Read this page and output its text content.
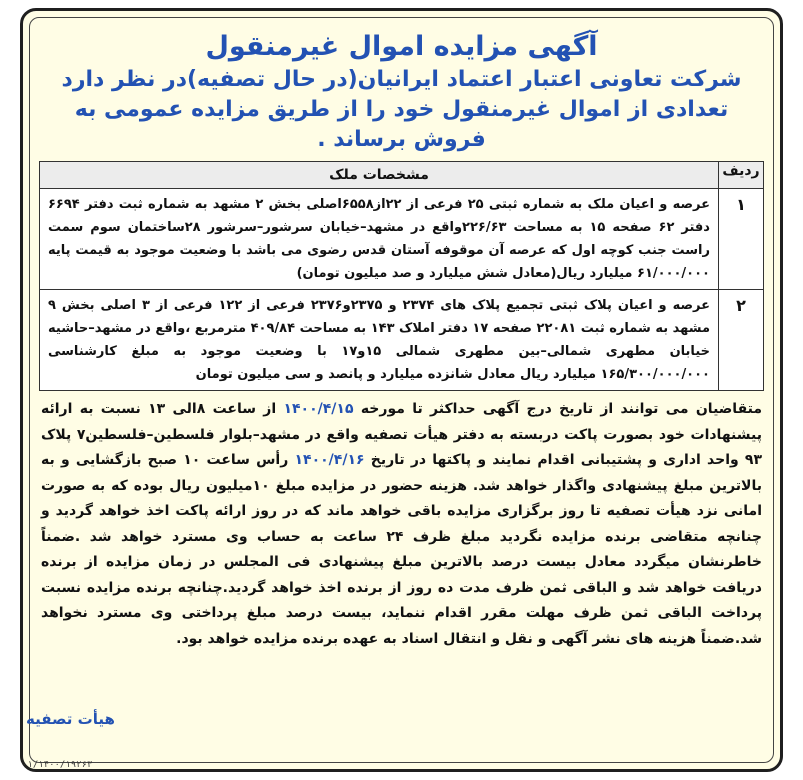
آگهی مزایده اموال غیرمنقول
شرکت تعاونی اعتبار اعتماد ایرانیان(در حال تصفیه)در نظر دارد تعدادی از اموال غیرمنقول خود را از طریق مزایده عمومی به فروش برساند .
ردیف	مشخصات ملک
۱	عرصه و اعیان ملک به شماره ثبتی ۲۵ فرعی از ۲۲از۶۵۵۸اصلی بخش ۲ مشهد به شماره ثبت دفتر ۶۶۹۴ دفتر ۶۲ صفحه ۱۵ به مساحت ۲۲۶/۶۳واقع در مشهد–خیابان سرشور–سرشور ۲۸ساختمان سوم سمت راست جنب کوچه اول که عرصه آن موقوفه آستان قدس رضوی می باشد با وضعیت موجود به قیمت پایه ۶۱/۰۰۰/۰۰۰ میلیارد ریال(معادل شش میلیارد و صد میلیون تومان)
۲	عرصه و اعیان پلاک ثبتی تجمیع پلاک های ۲۳۷۴ و ۲۳۷۵و۲۳۷۶ فرعی از ۱۲۲ فرعی از ۳ اصلی بخش ۹ مشهد به شماره ثبت ۲۲۰۸۱ صفحه ۱۷ دفتر املاک ۱۴۳ به مساحت ۴۰۹/۸۴ مترمربع ،واقع در مشهد–حاشیه خیابان مطهری شمالی–بین مطهری شمالی ۱۵و۱۷ با وضعیت موجود به مبلغ کارشناسی ۱۶۵/۳۰۰/۰۰۰/۰۰۰ میلیارد ریال معادل شانزده میلیارد و پانصد و سی میلیون تومان

متقاضیان می توانند از تاریخ درج آگهی حداکثر تا مورخه ۱۴۰۰/۴/۱۵ از ساعت ۸الی ۱۳ نسبت به ارائه پیشنهادات خود بصورت پاکت دربسته به دفتر هیأت تصفیه واقع در مشهد–بلوار فلسطین–فلسطین۷ پلاک ۹۳ واحد اداری و پشتیبانی اقدام نمایند و پاکتها در تاریخ ۱۴۰۰/۴/۱۶ رأس ساعت ۱۰ صبح بازگشایی و به بالاترین مبلغ پیشنهادی واگذار خواهد شد. هزینه حضور در مزایده مبلغ ۱۰میلیون ریال بوده که به صورت امانی نزد هیأت تصفیه تا روز برگزاری مزایده باقی خواهد ماند که در روز ارائه پاکت اخذ خواهد گردید و چنانچه متقاضی برنده مزایده نگردید مبلغ ظرف ۲۴ ساعت به حساب وی مسترد خواهد شد .ضمناً خاطرنشان میگردد معادل بیست درصد بالاترین مبلغ پیشنهادی فی المجلس در زمان مزایده از برنده دریافت خواهد شد و الباقی ثمن ظرف مدت ده روز از برنده اخذ خواهد گردید.چنانچه برنده مزایده نسبت پرداخت الباقی ثمن ظرف مهلت مقرر اقدام ننماید، بیست درصد مبلغ پرداختی وی مسترد نخواهد شد.ضمناً هزینه های نشر آگهی و نقل و انتقال اسناد به عهده برنده مزایده خواهد بود.

هیأت تصفیه
۰۱/۱۴۰۰/۱۹۲۶۳
